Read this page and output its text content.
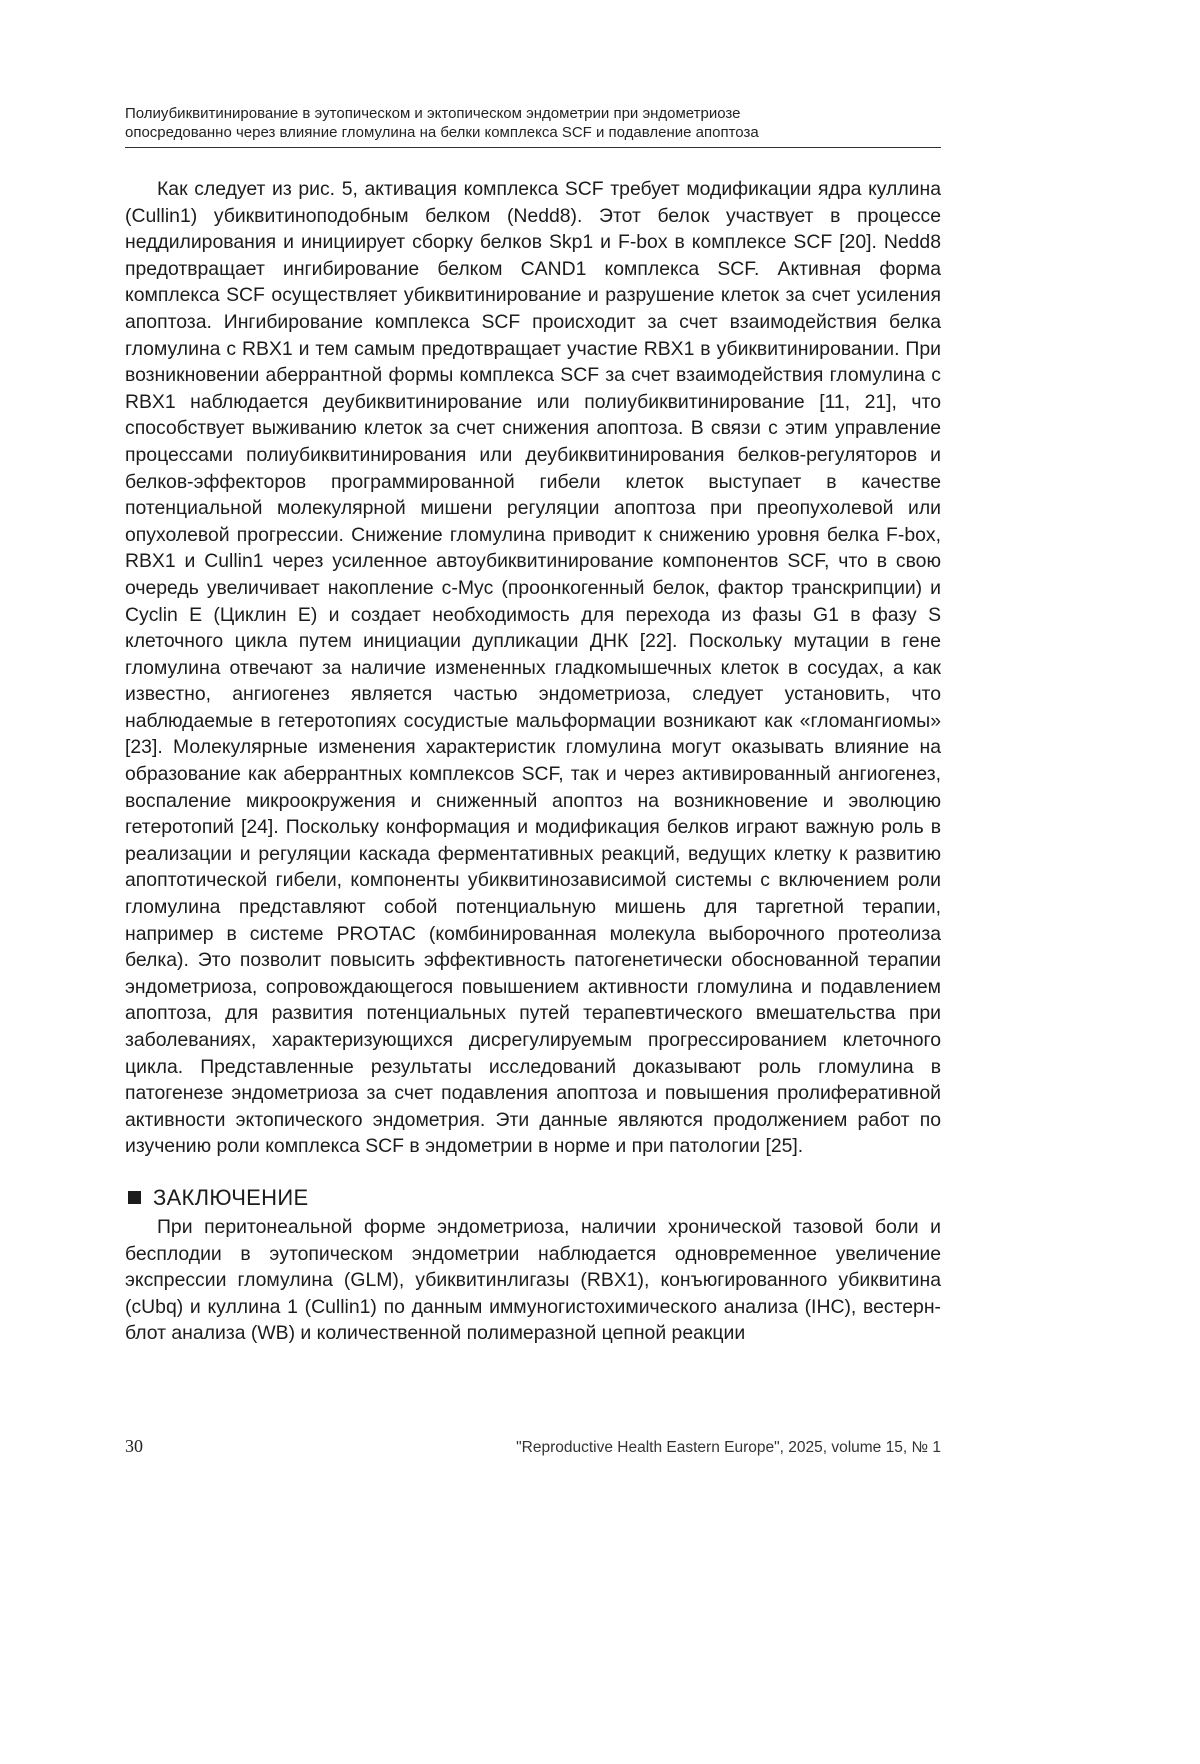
Полиубиквитинирование в эутопическом и эктопическом эндометрии при эндометриозе
опосредованно через влияние гломулина на белки комплекса SCF и подавление апоптоза

Как следует из рис. 5, активация комплекса SCF требует модификации ядра куллина (Cullin1) убиквитиноподобным белком (Nedd8). Этот белок участвует в процессе неддилирования и инициирует сборку белков Skp1 и F-box в комплексе SCF [20]. Nedd8 предотвращает ингибирование белком CAND1 комплекса SCF. Активная форма комплекса SCF осуществляет убиквитинирование и разрушение клеток за счет усиления апоптоза. Ингибирование комплекса SCF происходит за счет взаимодействия белка гломулина с RBX1 и тем самым предотвращает участие RBX1 в убиквитинировании. При возникновении аберрантной формы комплекса SCF за счет взаимодействия гломулина с RBX1 наблюдается деубиквитинирование или полиубиквитинирование [11, 21], что способствует выживанию клеток за счет снижения апоптоза. В связи с этим управление процессами полиубиквитинирования или деубиквитинирования белков-регуляторов и белков-эффекторов программированной гибели клеток выступает в качестве потенциальной молекулярной мишени регуляции апоптоза при преопухолевой или опухолевой прогрессии. Снижение гломулина приводит к снижению уровня белка F-box, RBX1 и Cullin1 через усиленное автоубиквитинирование компонентов SCF, что в свою очередь увеличивает накопление c-Myc (проонкогенный белок, фактор транскрипции) и Cyclin E (Циклин E) и создает необходимость для перехода из фазы G1 в фазу S клеточного цикла путем инициации дупликации ДНК [22]. Поскольку мутации в гене гломулина отвечают за наличие измененных гладкомышечных клеток в сосудах, а как известно, ангиогенез является частью эндометриоза, следует установить, что наблюдаемые в гетеротопиях сосудистые мальформации возникают как «гломангиомы» [23]. Молекулярные изменения характеристик гломулина могут оказывать влияние на образование как аберрантных комплексов SCF, так и через активированный ангиогенез, воспаление микроокружения и сниженный апоптоз на возникновение и эволюцию гетеротопий [24]. Поскольку конформация и модификация белков играют важную роль в реализации и регуляции каскада ферментативных реакций, ведущих клетку к развитию апоптотической гибели, компоненты убиквитинозависимой системы с включением роли гломулина представляют собой потенциальную мишень для таргетной терапии, например в системе PROTAC (комбинированная молекула выборочного протеолиза белка). Это позволит повысить эффективность патогенетически обоснованной терапии эндометриоза, сопровождающегося повышением активности гломулина и подавлением апоптоза, для развития потенциальных путей терапевтического вмешательства при заболеваниях, характеризующихся дисрегулируемым прогрессированием клеточного цикла. Представленные результаты исследований доказывают роль гломулина в патогенезе эндометриоза за счет подавления апоптоза и повышения пролиферативной активности эктопического эндометрия. Эти данные являются продолжением работ по изучению роли комплекса SCF в эндометрии в норме и при патологии [25].

ЗАКЛЮЧЕНИЕ

При перитонеальной форме эндометриоза, наличии хронической тазовой боли и бесплодии в эутопическом эндометрии наблюдается одновременное увеличение экспрессии гломулина (GLM), убиквитинлигазы (RBX1), конъюгированного убиквитина (cUbq) и куллина 1 (Cullin1) по данным иммуногистохимического анализа (IHC), вестерн-блот анализа (WB) и количественной полимеразной цепной реакции

30	"Reproductive Health Eastern Europe", 2025, volume 15, № 1
